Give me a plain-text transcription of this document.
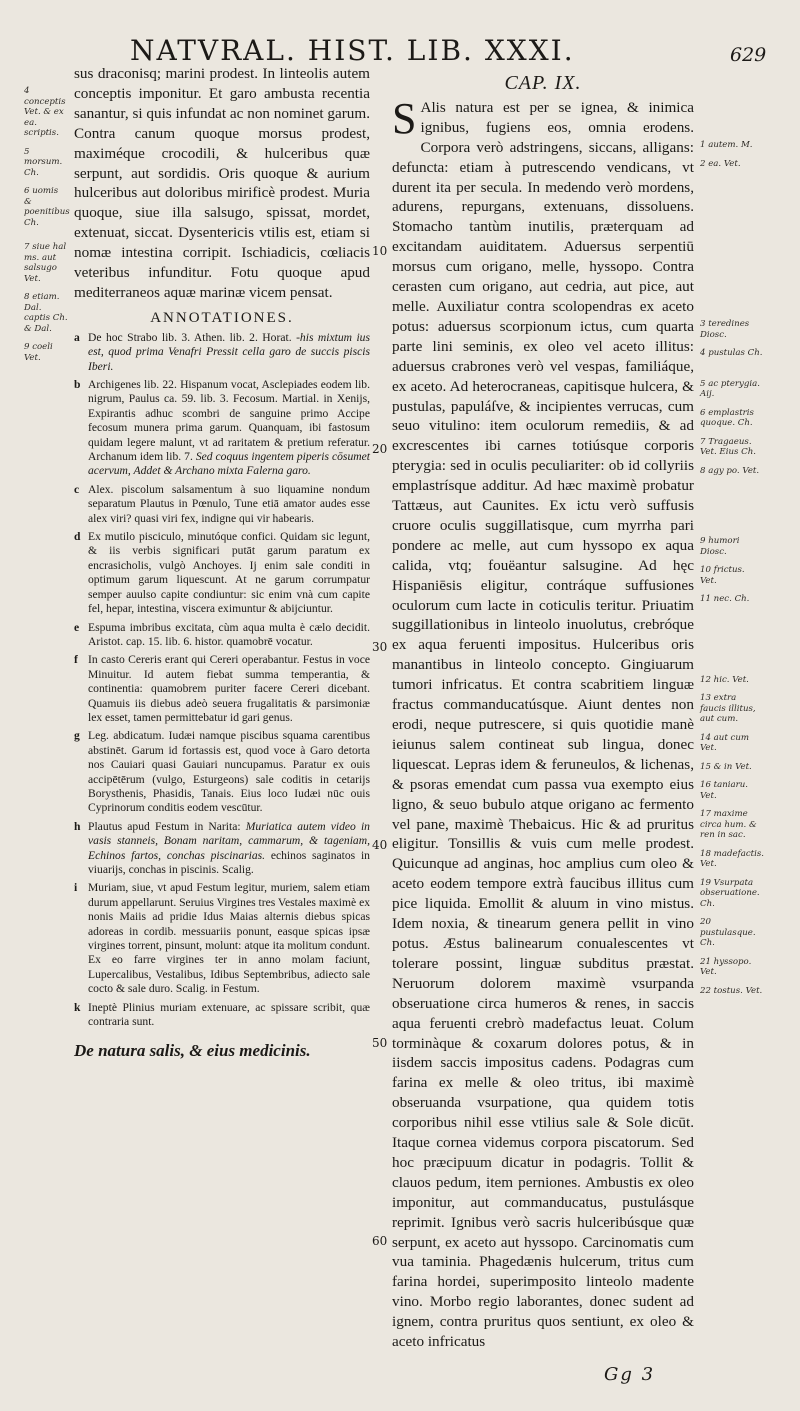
NATVRAL. HIST. LIB. XXXI.	629
4 conceptis Vet. & ex ea. scriptis.
5 morsum. Ch.
6 uomis & poenitibus Ch.
7 siue hal ms. aut salsugo Vet.
8 etiam. Dal. captis Ch. & Dal.
9 coeli Vet.

sus draconisq; marini prodest. In linteolis autem conceptis imponitur. Et garo ambusta recentia sanantur, si quis infundat ac non nominet garum. Contra canum quoque morsus prodest, maximéque crocodili, & hulceribus quæ serpunt, aut sordidis. Oris quoque & aurium hulceribus aut doloribus mirificè prodest. Muria quoque, siue illa salsugo, spissat, mordet, extenuat, siccat. Dysentericis vtilis est, etiam si nomæ intestina corripit. Ischiadicis, cœliacis veteribus infunditur. Fotu quoque apud mediterraneos aquæ marinæ vicem pensat.

ANNOTATIONES.
a De hoc Strabo lib. 3. Athen. lib. 2. Horat. -his mixtum ius est, quod prima Venafri Pressit cella garo de succis piscis Iberi.
b Archigenes lib. 22. Hispanum vocat, Asclepiades eodem lib. nigrum, Paulus ca. 59. lib. 3. Fecosum. Martial. in Xenijs, Expirantis adhuc scombri de sanguine primo Accipe fecosum munera prima garum. Quanquam, ibi fastosum quidam legere malunt, vt ad raritatem & pretium referatur. Archanum idem lib. 7. Sed coquus ingentem piperis cōsumet acervum, Addet & Archano mixta Falerna garo.
c Alex. piscolum salsamentum à suo liquamine nondum separatum Plautus in Pœnulo, Tune etiā amator audes esse alex viri? quasi viri fex, indigne qui vir habearis.
d Ex mutilo pisciculo, minutóque confici. Quidam sic legunt, & iis verbis significari putāt garum paratum ex encrasicholis, vulgò Anchoyes. Ij enim sale conditi in optimum garum liquescunt. At ne garum corrumpatur semper auulso capite condiuntur: sic enim vnà cum capite fel, hepar, intestina, viscera eximuntur & abijciuntur.
e Espuma imbribus excitata, cùm aqua multa è cælo decidit. Aristot. cap. 15. lib. 6. histor. quamobrē vocatur.
f In casto Cereris erant qui Cereri operabantur. Festus in voce Minuitur. Id autem fiebat summa temperantia, & continentia: quamobrem puriter facere Cereri dicebant. Quamuis iis diebus adeò seuera frugalitatis & parsimoniæ lex esset, tamen permittebatur id gari genus.
g Leg. abdicatum. Iudæi namque piscibus squama carentibus abstinēt. Garum id fortassis est, quod voce à Garo detorta nos Cauiari quasi Gauiari nuncupamus. Paratur ex ouis accipētērum (vulgo, Esturgeons) sale coditis in cetarijs Borysthenis, Phasidis, Tanais. Eius loco Iudæi nūc ouis Cyprinorum conditis eodem vescūtur.
h Plautus apud Festum in Narita: Muriatica autem video in vasis stanneis, Bonam naritam, cammarum, & tageniam, Echinos fartos, conchas piscinarias. echinos saginatos in viuarijs, conchas in piscinis. Scalig.
i Muriam, siue, vt apud Festum legitur, muriem, salem etiam durum appellarunt. Seruius Virgines tres Vestales maximè ex nonis Maiis ad pridie Idus Maias alternis diebus spicas adoreas in cordib. messuariis ponunt, easque spicas ipsæ virgines torrent, pinsunt, molunt: atque ita molitum condunt. Ex eo farre virgines ter in anno molam faciunt, Lupercalibus, Vestalibus, Idibus Septembribus, adiecto sale cocto & sale duro. Scalig. in Festum.
k Ineptè Plinius muriam extenuare, ac spissare scribit, quæ contraria sunt.
De natura salis, & eius medicinis.
10
20
30
40
50
60
CAP. IX.

S Alis natura est per se ignea, & inimica ignibus, fugiens eos, omnia erodens. Corpora verò adstringens, siccans, alligans: defuncta: etiam à putrescendo vendicans, vt durent ita per secula. In medendo verò mordens, adurens, repurgans, extenuans, dissoluens. Stomacho tantùm inutilis, præterquam ad excitandam auiditatem. Aduersus serpentiū morsus cum origano, melle, hyssopo. Contra cerasten cum origano, aut cedria, aut pice, aut melle. Auxiliatur contra scolopendras ex aceto potus: aduersus scorpionum ictus, cum quarta parte lini seminis, ex oleo vel aceto illitus: aduersus crabrones verò vel vespas, familiáque, ex aceto. Ad heterocraneas, capitisque hulcera, & pustulas, papuláſve, & incipientes verrucas, cum seuo vitulino: item oculorum remediis, & ad excrescentes ibi carnes totiúsque corporis pterygia: sed in oculis peculiariter: ob id collyriis emplastrísque additur. Ad hæc maximè probatur Tattæus, aut Caunites. Ex ictu verò suffusis cruore oculis suggillatisque, cum myrrha pari pondere ac melle, aut cum hyssopo ex aqua calida, vtq; fouëantur salsugine. Ad hęc Hispaniēsis eligitur, contráque suffusiones oculorum cum lacte in coticulis teritur. Priuatim suggillationibus in linteolo inuolutus, crebróque ex aqua feruenti impositus. Hulceribus oris manantibus in linteolo concepto. Gingiuarum tumori infricatus. Et contra scabritiem linguæ fractus commanducatúsque. Aiunt dentes non erodi, neque putrescere, si quis quotidie manè ieiunus salem contineat sub lingua, donec liquescat. Lepras idem & feruneulos, & lichenas, & psoras emendat cum passa vua exempto eius ligno, & seuo bubulo atque origano ac fermento vel pane, maximè Thebaicus. Hic & ad pruritus eligitur. Tonsillis & vuis cum melle prodest. Quicunque ad anginas, hoc amplius cum oleo & aceto eodem tempore extrà faucibus illitus cum pice liquida. Emollit & aluum in vino mistus. Idem noxia, & tinearum genera pellit in vino potus. Æstus balinearum conualescentes vt tolerare possint, linguæ subditus præstat. Neruorum dolorem maximè vsurpanda obseruatione circa humeros & renes, in saccis aqua feruenti crebrò madefactus leuat. Colum torminàque & coxarum dolores potus, & in iisdem saccis impositus cadens. Podagras cum farina ex melle & oleo tritus, ibi maximè obseruanda vsurpatione, qua quidem totis corporibus nihil esse vtilius sale & Sole dicūt. Itaque cornea videmus corpora piscatorum. Sed hoc præcipuum dicatur in podagris. Tollit & clauos pedum, item perniones. Ambustis ex oleo imponitur, aut commanducatus, pustulásque reprimit. Ignibus verò sacris hulceribúsque quæ serpunt, ex aceto aut hyssopo. Carcinomatis cum vua taminia. Phagedænis hulcerum, tritus cum farina hordei, superimposito linteolo madente vino. Morbo regio laborantes, donec sudent ad ignem, contra pruritus quos sentiunt, ex oleo & aceto infricatus

1 autem. M.
2 ea. Vet.
3 teredines Diosc.
4 pustulas Ch.
5 ac pterygia. Aij.
6 emplastris quoque. Ch.
7 Tragaeus. Vet. Eius Ch.
8 agy po. Vet.
9 humori Diosc.
10 frictus. Vet.
11 nec. Ch.
12 hic. Vet.
13 extra faucis illitus, aut cum.
14 aut cum Vet.
15 & in Vet.
16 taniaru. Vet.
17 maxime circa hum. & ren in sac.
18 madefactis. Vet.
19 Vsurpata obseruatione. Ch.
20 pustulasque. Ch.
21 hyssopo. Vet.
22 tostus. Vet.
Gg 3
